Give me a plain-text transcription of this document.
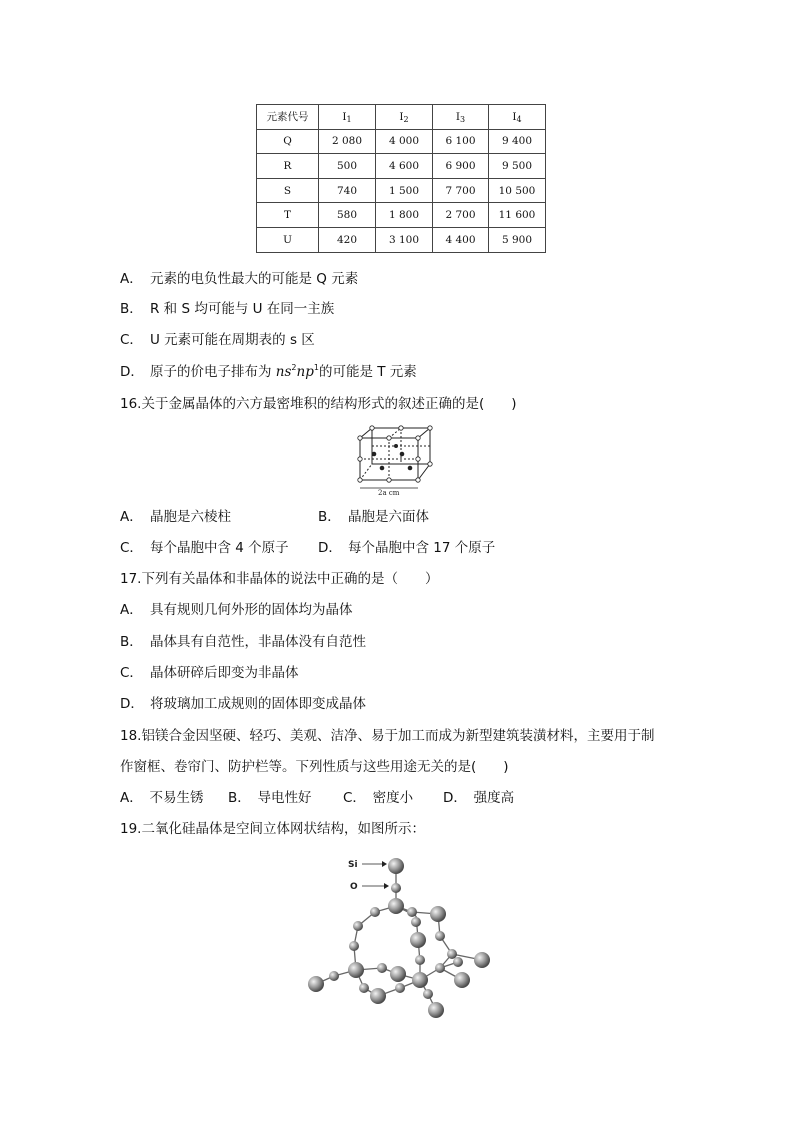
元素代号	$I_1$	$I_2$	$I_3$	$I_4$
Q	2 080	4 000	6 100	9 400
R	500	4 600	6 900	9 500
S	740	1 500	7 700	10 500
T	580	1 800	2 700	11 600
U	420	3 100	4 400	5 900
A． 元素的电负性最大的可能是 Q 元素
B． R 和 S 均可能与 U 在同一主族
C． U 元素可能在周期表的 s 区
D． 原子的价电子排布为 $ns^2np^1$的可能是 T 元素
16.关于金属晶体的六方最密堆积的结构形式的叙述正确的是(　　)
2a cm
A． 晶胞是六棱柱	B． 晶胞是六面体
C． 每个晶胞中含 4 个原子 D． 每个晶胞中含 17 个原子
17.下列有关晶体和非晶体的说法中正确的是（　　）
A． 具有规则几何外形的固体均为晶体
B． 晶体具有自范性，非晶体没有自范性
C． 晶体研碎后即变为非晶体
D． 将玻璃加工成规则的固体即变成晶体
18.铝镁合金因坚硬、轻巧、美观、洁净、易于加工而成为新型建筑装潢材料，主要用于制
作窗框、卷帘门、防护栏等。下列性质与这些用途无关的是(　　)
A．　不易生锈 B．　导电性好 C．　密度小 D．　强度高
19.二氧化硅晶体是空间立体网状结构，如图所示：
Si
O
